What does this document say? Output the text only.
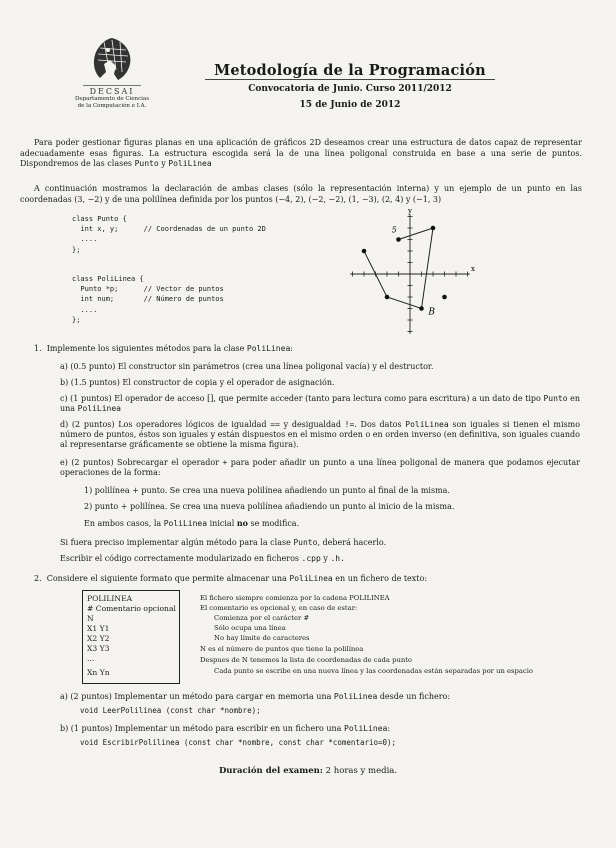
DECSAI
Departamento de Ciencias
de la Computación e I.A.
Metodología de la Programación
Convocatoria de Junio. Curso 2011/2012
15 de Junio de 2012
Para poder gestionar figuras planas en una aplicación de gráficos 2D deseamos crear una estructura de datos capaz de representar adecuadamente esas figuras. La estructura escogida será la de una línea poligonal construida en base a una serie de puntos. Dispondremos de las clases Punto y PoliLinea
A continuación mostramos la declaración de ambas clases (sólo la representación interna) y un ejemplo de un punto en las coordenadas (3, −2) y de una polilínea definida por los puntos (−4, 2), (−2, −2), (1, −3), (2, 4) y (−1, 3)
class Punto {
int x, y;      // Coordenadas de un punto 2D
....
};
class PoliLinea {
Punto *p;      // Vector de puntos
int num;       // Número de puntos
....
};
x
y
5
B
1. Implemente los siguientes métodos para la clase PoliLinea:
a) (0.5 punto) El constructor sin parámetros (crea una línea poligonal vacía) y el destructor.
b) (1.5 puntos) El constructor de copia y el operador de asignación.
c) (1 puntos) El operador de acceso [], que permite acceder (tanto para lectura como para escritura) a un dato de tipo Punto en una PoliLinea
d) (2 puntos) Los operadores lógicos de igualdad == y desigualdad !=. Dos datos PoliLinea son iguales si tienen el mismo número de puntos, éstos son iguales y están dispuestos en el mismo orden o en orden inverso (en definitiva, son iguales cuando al representarse gráficamente se obtiene la misma figura).
e) (2 puntos) Sobrecargar el operador + para poder añadir un punto a una línea poligonal de manera que podamos ejecutar operaciones de la forma:
1) polilínea + punto. Se crea una nueva polilínea añadiendo un punto al final de la misma.
2) punto + polilínea. Se crea una nueva polilínea añadiendo un punto al inicio de la misma.
En ambos casos, la PoliLinea inicial no se modifica.
Si fuera preciso implementar algún método para la clase Punto, deberá hacerlo.
Escribir el código correctamente modularizado en ficheros .cpp y .h.
2. Considere el siguiente formato que permite almacenar una PoliLinea en un fichero de texto:
POLILINEA
# Comentario opcional
N
X1 Y1
X2 Y2
X3 Y3
...
Xn Yn
El fichero siempre comienza por la cadena POLILINEA
El comentario es opcional y, en caso de estar:
Comienza por el carácter #
Sólo ocupa una línea
No hay límite de caracteres
N es el número de puntos que tiene la polilínea
Despues de N tenemos la lista de coordenadas de cada punto
Cada punto se escribe en una nueva línea y las coordenadas están separadas por un espacio
a) (2 puntos) Implementar un método para cargar en memoria una PoliLinea desde un fichero:
void LeerPolilinea (const char *nombre);
b) (1 puntos) Implementar un método para escribir en un fichero una PoliLinea:
void EscribirPolilinea (const char *nombre, const char *comentario=0);
Duración del examen: 2 horas y media.
